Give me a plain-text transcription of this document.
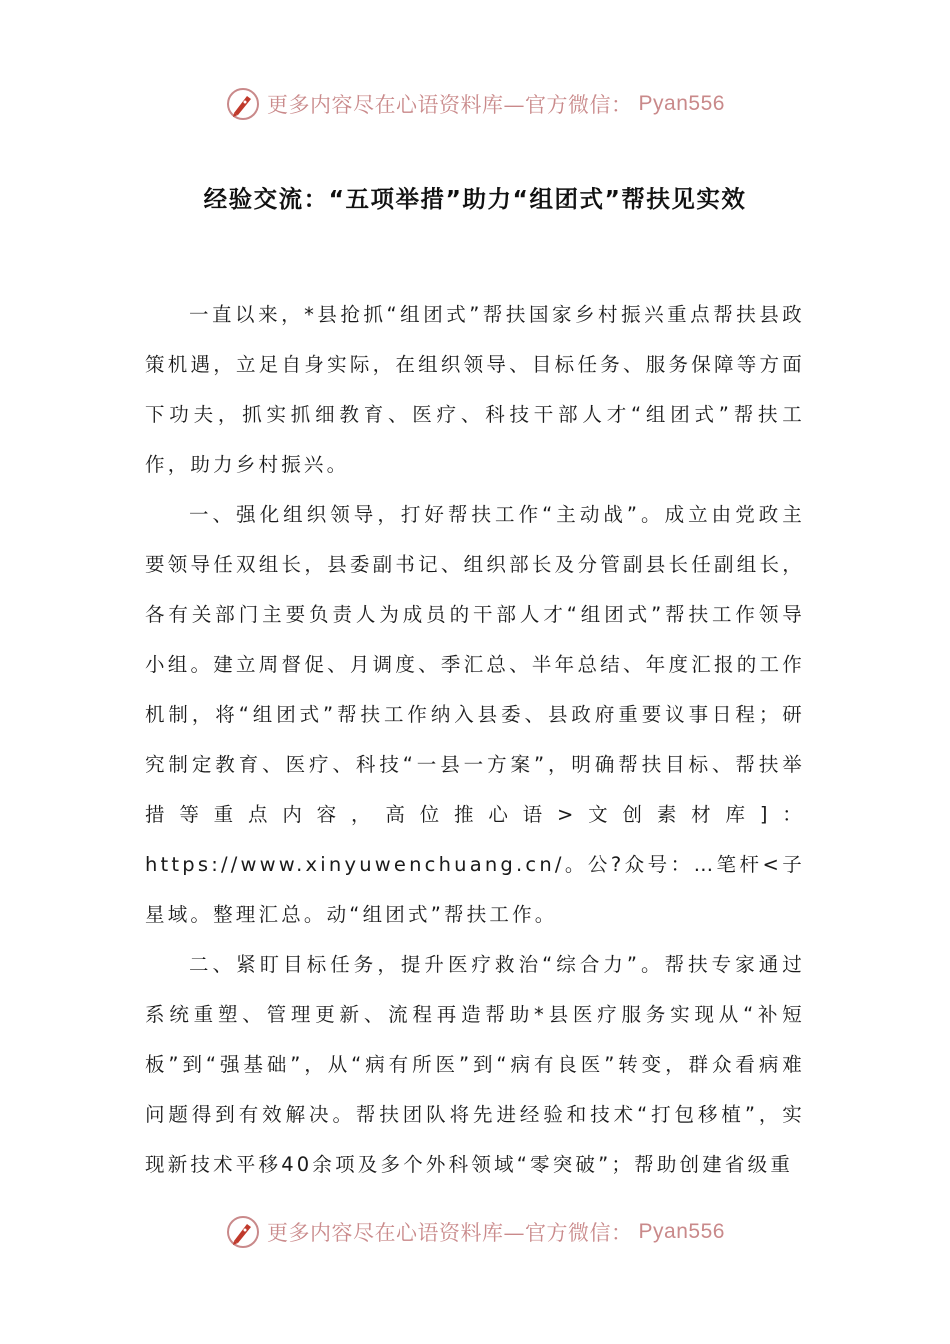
更多内容尽在心语资料库—官方微信： Pyan556
经验交流：“五项举措”助力“组团式”帮扶见实效

一直以来，*县抢抓“组团式”帮扶国家乡村振兴重点帮扶县政策机遇，立足自身实际，在组织领导、目标任务、服务保障等方面下功夫，抓实抓细教育、医疗、科技干部人才“组团式”帮扶工作，助力乡村振兴。

一、强化组织领导，打好帮扶工作“主动战”。成立由党政主要领导任双组长，县委副书记、组织部长及分管副县长任副组长，各有关部门主要负责人为成员的干部人才“组团式”帮扶工作领导小组。建立周督促、月调度、季汇总、半年总结、年度汇报的工作机制，将“组团式”帮扶工作纳入县委、县政府重要议事日程；研究制定教育、医疗、科技“一县一方案”，明确帮扶目标、帮扶举措等重点内容，高位推心语>文创素材库]：https://www.xinyuwenchuang.cn/。公?众号：…笔杆<子星域。整理汇总。动“组团式”帮扶工作。

二、紧盯目标任务，提升医疗救治“综合力”。帮扶专家通过系统重塑、管理更新、流程再造帮助*县医疗服务实现从“补短板”到“强基础”，从“病有所医”到“病有良医”转变，群众看病难问题得到有效解决。帮扶团队将先进经验和技术“打包移植”，实现新技术平移40余项及多个外科领域“零突破”；帮助创建省级重

更多内容尽在心语资料库—官方微信： Pyan556
